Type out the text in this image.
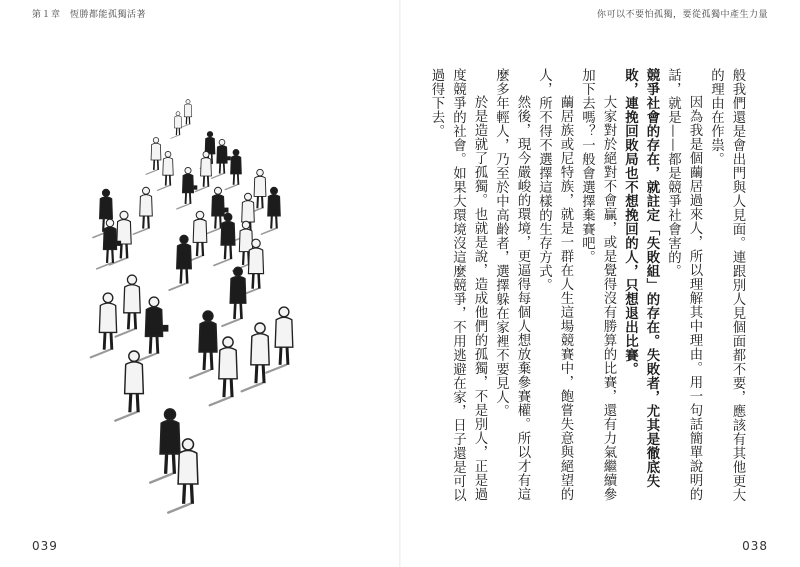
第１章　恆勝都能孤獨活著	你可以不要怕孤獨，要從孤獨中產生力量

般我們還是會出門與人見面。連跟別人見個面都不要，應該有其他更大的理由在作祟。

因為我是個繭居過來人，所以理解其中理由。用一句話簡單說明的話，就是——都是競爭社會害的。

競爭社會的存在，就註定「失敗組」的存在。失敗者，尤其是徹底失敗，連挽回敗局也不想挽回的人，只想退出比賽。

大家對於絕對不會贏，或是覺得沒有勝算的比賽，還有力氣繼續參加下去嗎？一般會選擇棄賽吧。

繭居族或尼特族，就是一群在人生這場競賽中，飽嘗失意與絕望的人，所不得不選擇這樣的生存方式。

然後，現今嚴峻的環境，更逼得每個人想放棄參賽權。所以才有這麼多年輕人，乃至於中高齡者，選擇躲在家裡不要見人。

於是造就了孤獨。也就是說，造成他們的孤獨，不是別人，正是過度競爭的社會。如果大環境沒這麼競爭，不用逃避在家，日子還是可以過得下去。

039	038
